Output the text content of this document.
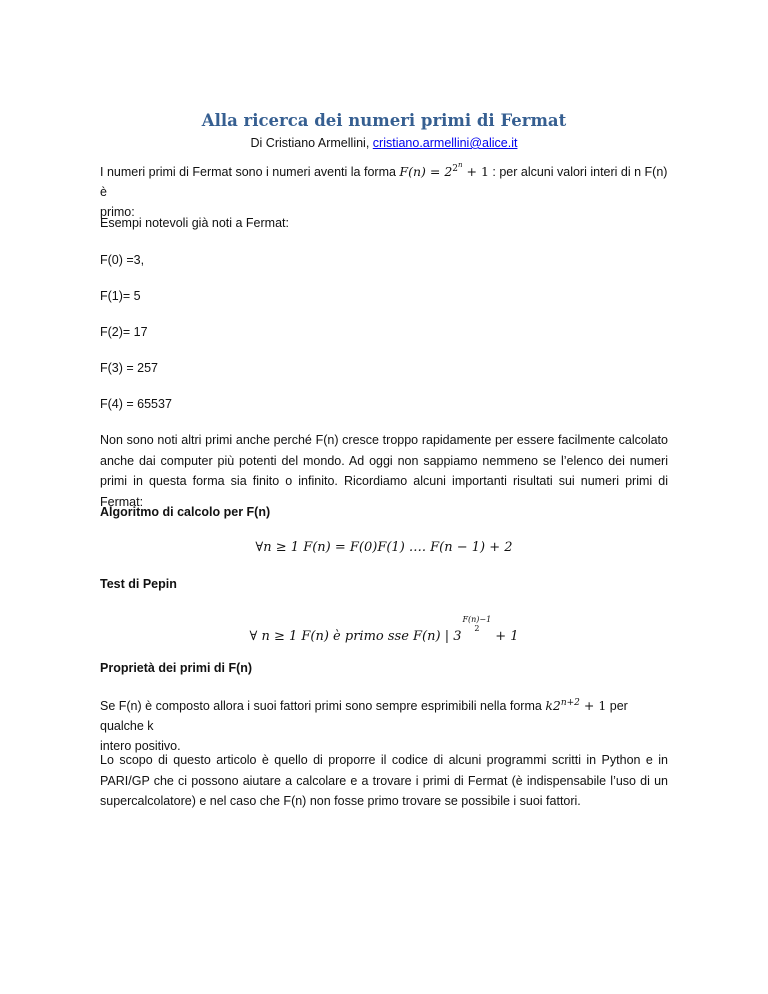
Alla ricerca dei numeri primi di Fermat
Di Cristiano Armellini, cristiano.armellini@alice.it
I numeri primi di Fermat sono i numeri aventi la forma $F(n) = 2^{2^n} + 1$ : per alcuni valori interi di n F(n) è
primo:
Esempi notevoli già noti a Fermat:
F(0) =3,
F(1)= 5
F(2)= 17
F(3) = 257
F(4) = 65537
Non sono noti altri primi anche perché F(n) cresce troppo rapidamente per essere facilmente calcolato anche dai computer più potenti del mondo. Ad oggi non sappiamo nemmeno se l’elenco dei numeri primi in questa forma sia finito o infinito. Ricordiamo alcuni importanti risultati sui numeri primi di Fermat:
Algoritmo di calcolo per F(n)
∀n ≥ 1 F(n) = F(0)F(1) …. F(n − 1) + 2
Test di Pepin
∀ n ≥ 1 F(n) è primo sse F(n) | 3
F(n)−1
2
+ 1
Proprietà dei primi di F(n)
Se F(n) è composto allora i suoi fattori primi sono sempre esprimibili nella forma $k2^{n+2} + 1$ per qualche k
intero positivo.
Lo scopo di questo articolo è quello di proporre il codice di alcuni programmi scritti in Python e in PARI/GP che ci possono aiutare a calcolare e a trovare i primi di Fermat (è indispensabile l’uso di un supercalcolatore) e nel caso che F(n) non fosse primo trovare se possibile i suoi fattori.
